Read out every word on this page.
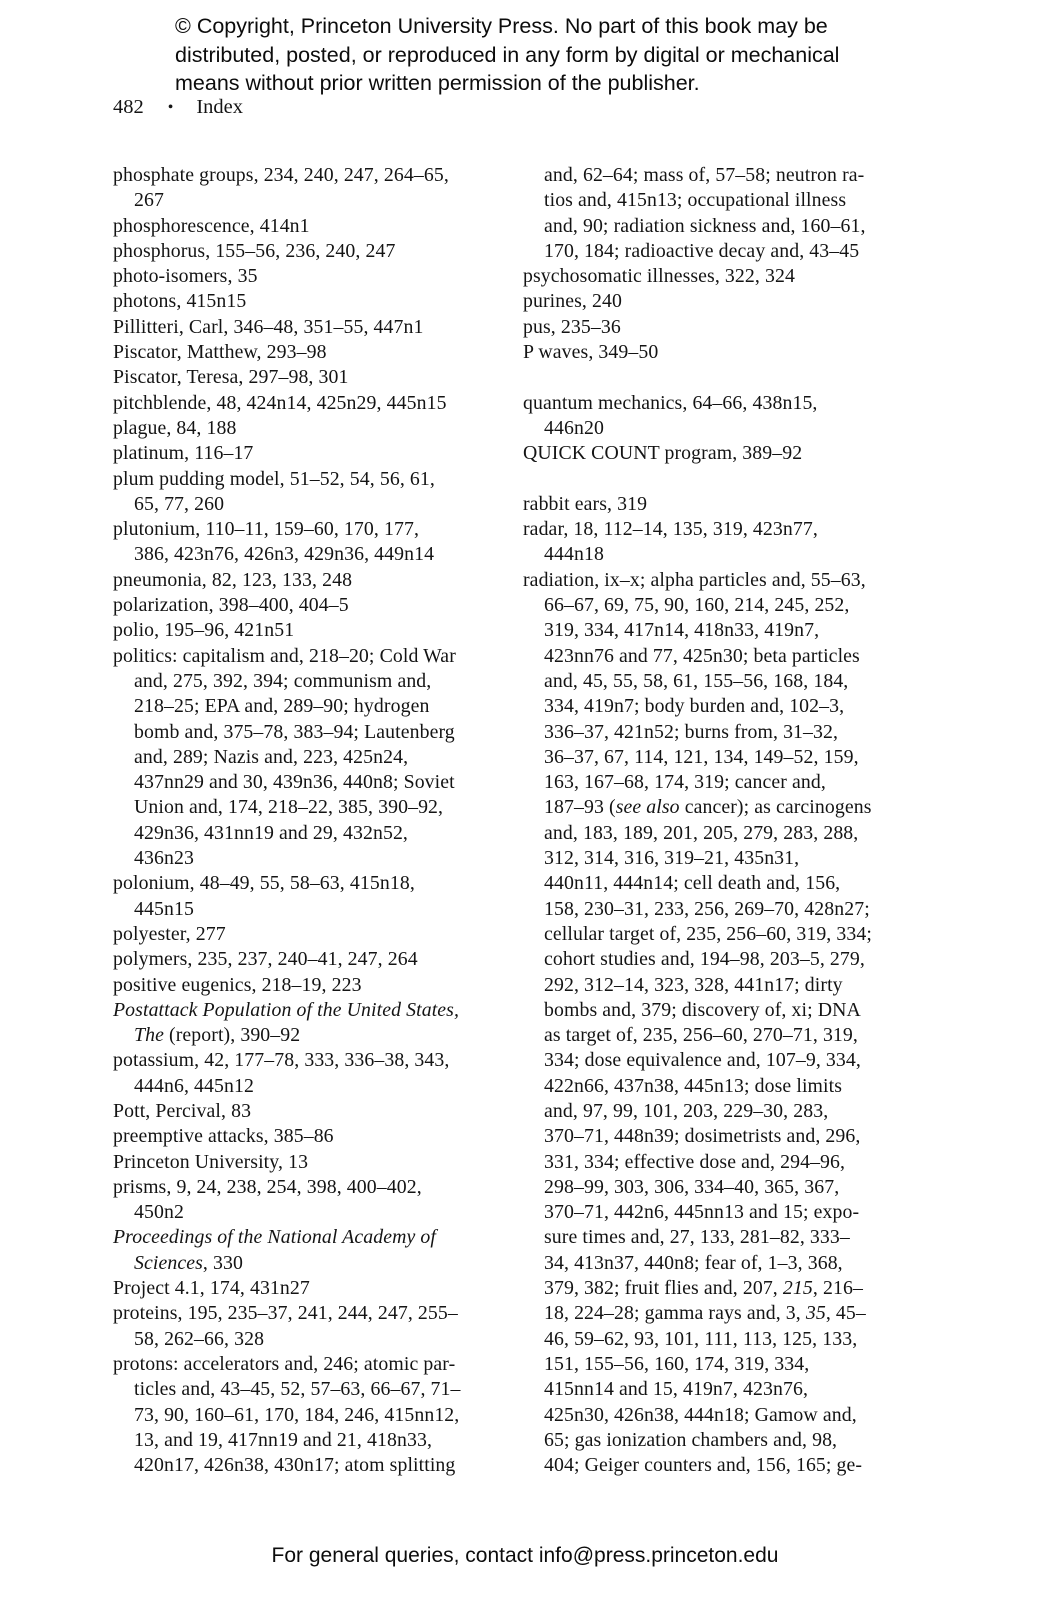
© Copyright, Princeton University Press. No part of this book may be
distributed, posted, or reproduced in any form by digital or mechanical
means without prior written permission of the publisher.
482 • Index
phosphate groups, 234, 240, 247, 264–65,
267
phosphorescence, 414n1
phosphorus, 155–56, 236, 240, 247
photo-isomers, 35
photons, 415n15
Pillitteri, Carl, 346–48, 351–55, 447n1
Piscator, Matthew, 293–98
Piscator, Teresa, 297–98, 301
pitchblende, 48, 424n14, 425n29, 445n15
plague, 84, 188
platinum, 116–17
plum pudding model, 51–52, 54, 56, 61,
65, 77, 260
plutonium, 110–11, 159–60, 170, 177,
386, 423n76, 426n3, 429n36, 449n14
pneumonia, 82, 123, 133, 248
polarization, 398–400, 404–5
polio, 195–96, 421n51
politics: capitalism and, 218–20; Cold War
and, 275, 392, 394; communism and,
218–25; EPA and, 289–90; hydrogen
bomb and, 375–78, 383–94; Lautenberg
and, 289; Nazis and, 223, 425n24,
437nn29 and 30, 439n36, 440n8; Soviet
Union and, 174, 218–22, 385, 390–92,
429n36, 431nn19 and 29, 432n52,
436n23
polonium, 48–49, 55, 58–63, 415n18,
445n15
polyester, 277
polymers, 235, 237, 240–41, 247, 264
positive eugenics, 218–19, 223
Postattack Population of the United States,
The (report), 390–92
potassium, 42, 177–78, 333, 336–38, 343,
444n6, 445n12
Pott, Percival, 83
preemptive attacks, 385–86
Princeton University, 13
prisms, 9, 24, 238, 254, 398, 400–402,
450n2
Proceedings of the National Academy of
Sciences, 330
Project 4.1, 174, 431n27
proteins, 195, 235–37, 241, 244, 247, 255–
58, 262–66, 328
protons: accelerators and, 246; atomic par-
ticles and, 43–45, 52, 57–63, 66–67, 71–
73, 90, 160–61, 170, 184, 246, 415nn12,
13, and 19, 417nn19 and 21, 418n33,
420n17, 426n38, 430n17; atom splitting
and, 62–64; mass of, 57–58; neutron ra-
tios and, 415n13; occupational illness
and, 90; radiation sickness and, 160–61,
170, 184; radioactive decay and, 43–45
psychosomatic illnesses, 322, 324
purines, 240
pus, 235–36
P waves, 349–50

quantum mechanics, 64–66, 438n15,
446n20
QUICK COUNT program, 389–92

rabbit ears, 319
radar, 18, 112–14, 135, 319, 423n77,
444n18
radiation, ix–x; alpha particles and, 55–63,
66–67, 69, 75, 90, 160, 214, 245, 252,
319, 334, 417n14, 418n33, 419n7,
423nn76 and 77, 425n30; beta particles
and, 45, 55, 58, 61, 155–56, 168, 184,
334, 419n7; body burden and, 102–3,
336–37, 421n52; burns from, 31–32,
36–37, 67, 114, 121, 134, 149–52, 159,
163, 167–68, 174, 319; cancer and,
187–93 (see also cancer); as carcinogens
and, 183, 189, 201, 205, 279, 283, 288,
312, 314, 316, 319–21, 435n31,
440n11, 444n14; cell death and, 156,
158, 230–31, 233, 256, 269–70, 428n27;
cellular target of, 235, 256–60, 319, 334;
cohort studies and, 194–98, 203–5, 279,
292, 312–14, 323, 328, 441n17; dirty
bombs and, 379; discovery of, xi; DNA
as target of, 235, 256–60, 270–71, 319,
334; dose equivalence and, 107–9, 334,
422n66, 437n38, 445n13; dose limits
and, 97, 99, 101, 203, 229–30, 283,
370–71, 448n39; dosimetrists and, 296,
331, 334; effective dose and, 294–96,
298–99, 303, 306, 334–40, 365, 367,
370–71, 442n6, 445nn13 and 15; expo-
sure times and, 27, 133, 281–82, 333–
34, 413n37, 440n8; fear of, 1–3, 368,
379, 382; fruit flies and, 207, 215, 216–
18, 224–28; gamma rays and, 3, 35, 45–
46, 59–62, 93, 101, 111, 113, 125, 133,
151, 155–56, 160, 174, 319, 334,
415nn14 and 15, 419n7, 423n76,
425n30, 426n38, 444n18; Gamow and,
65; gas ionization chambers and, 98,
404; Geiger counters and, 156, 165; ge-
For general queries, contact info@press.princeton.edu
